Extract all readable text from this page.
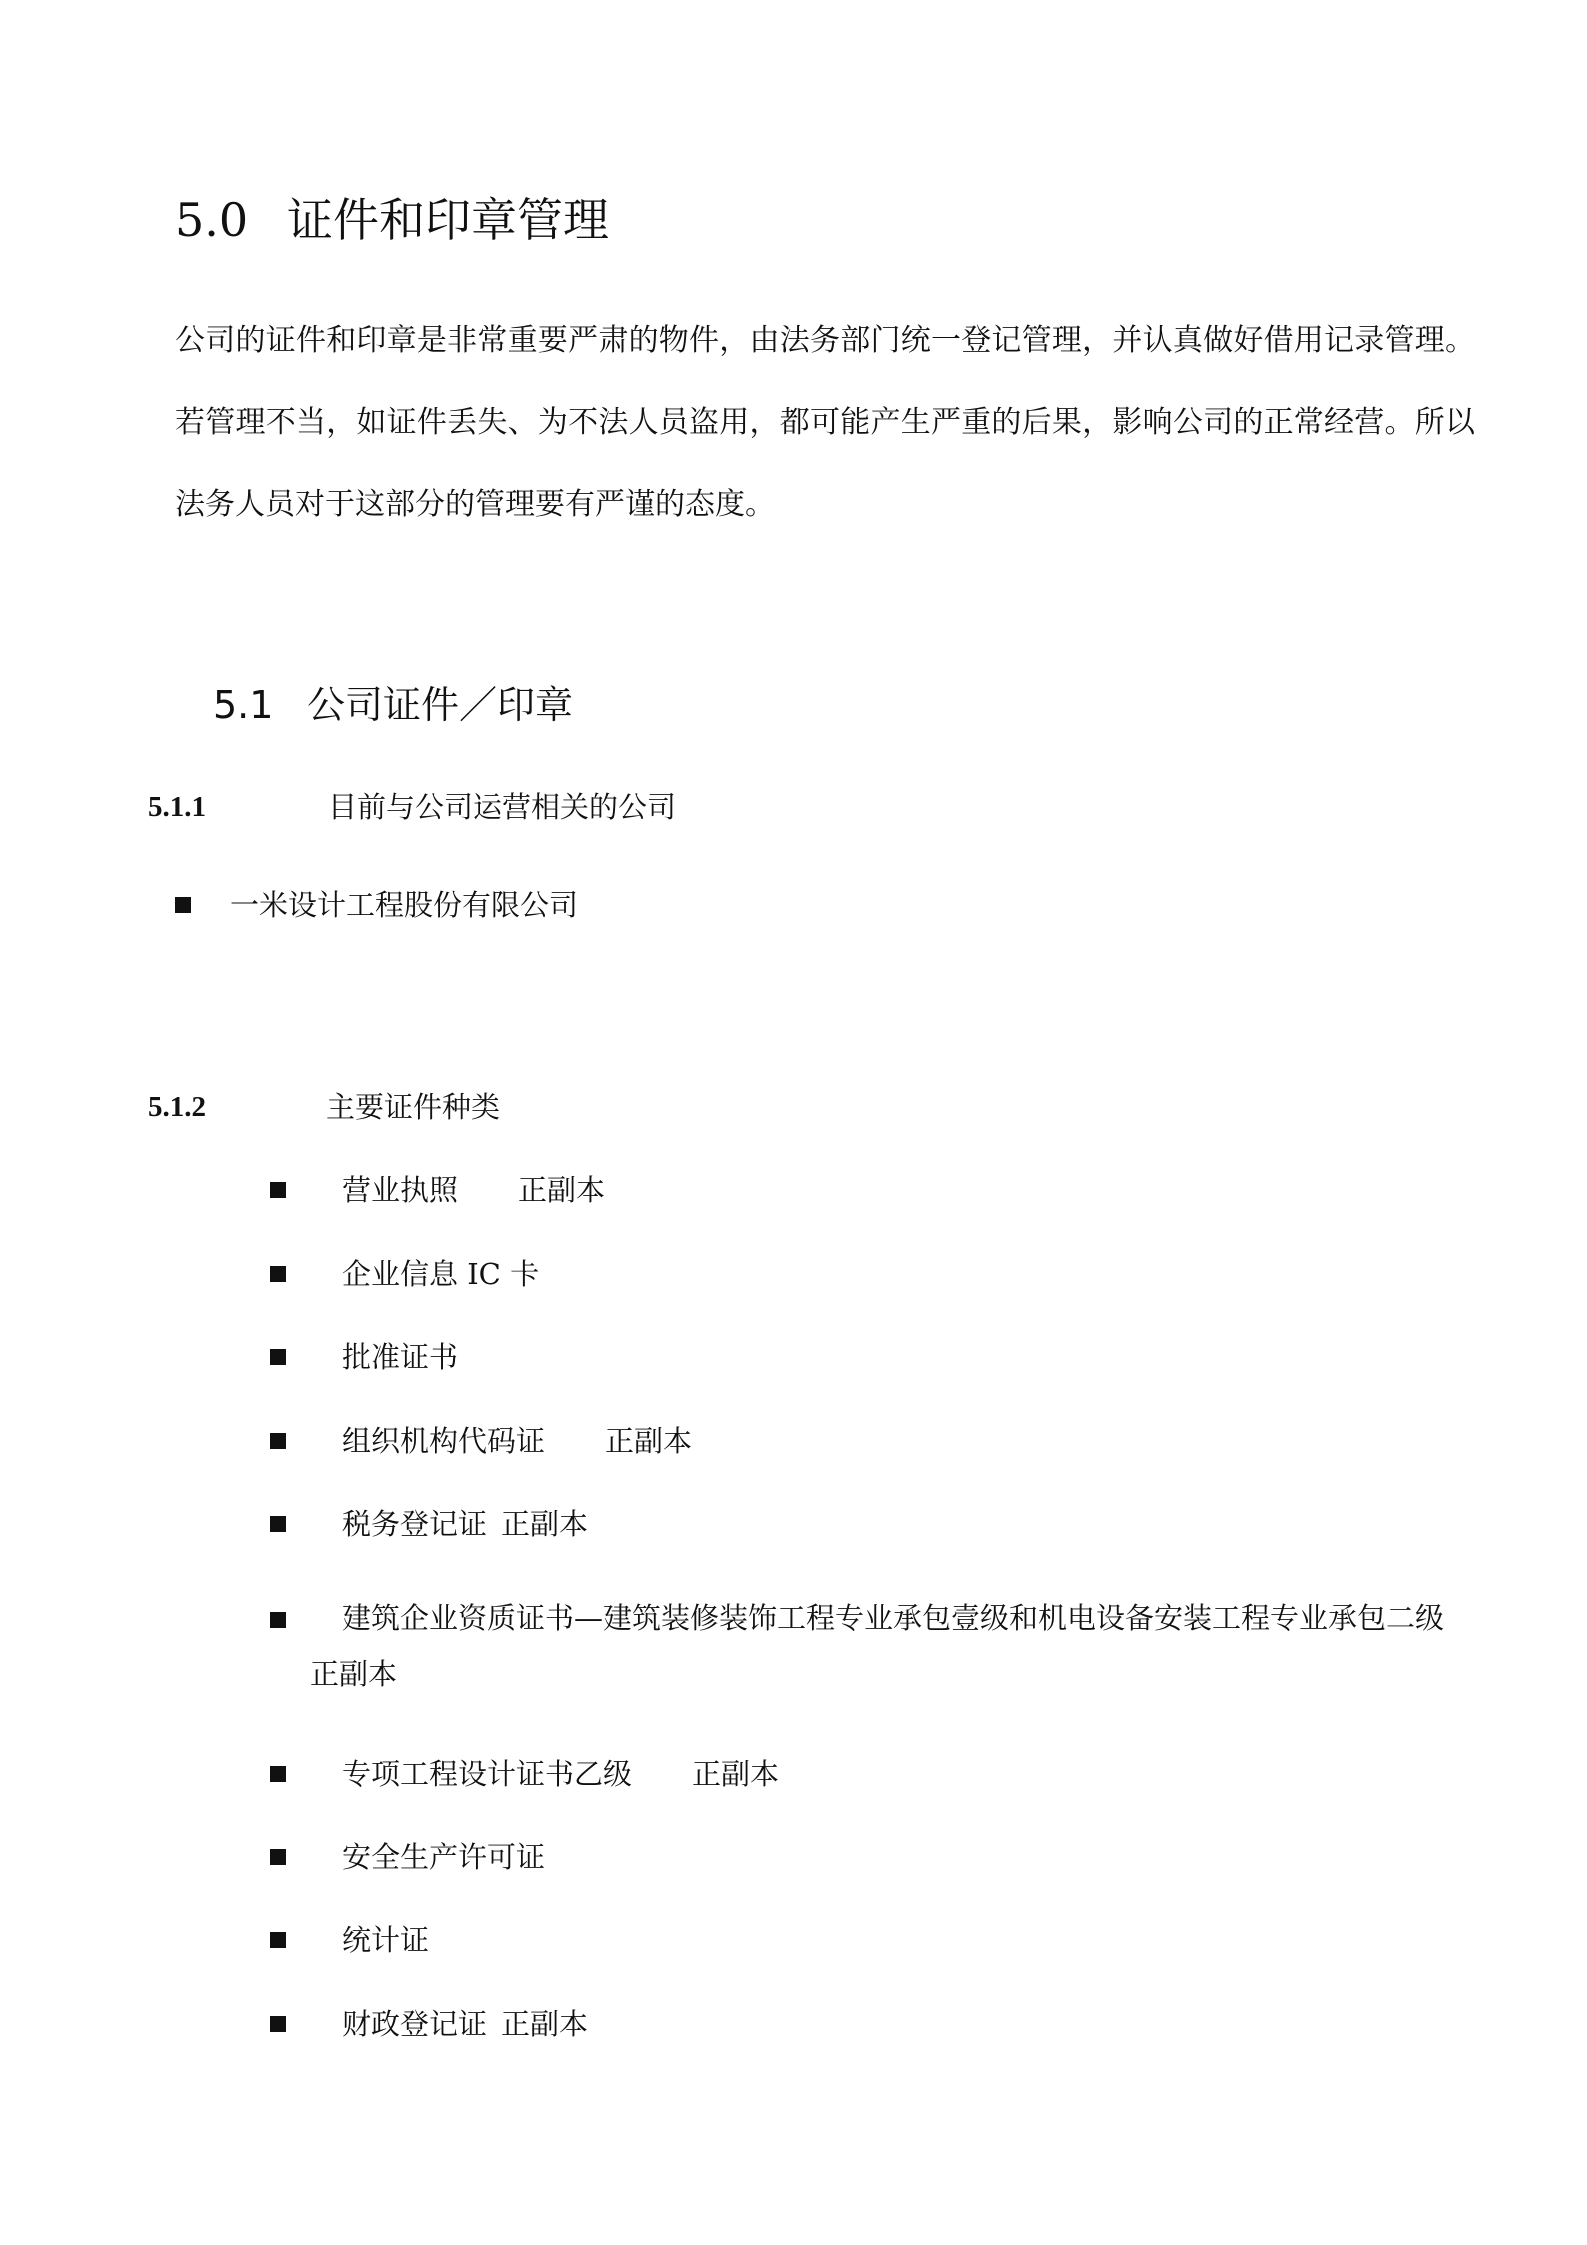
5.0 证件和印章管理
公司的证件和印章是非常重要严肃的物件，由法务部门统一登记管理，并认真做好借用记录管理。若管理不当，如证件丢失、为不法人员盗用，都可能产生严重的后果，影响公司的正常经营。所以法务人员对于这部分的管理要有严谨的态度。
5.1 公司证件／印章
5.1.1	目前与公司运营相关的公司
一米设计工程股份有限公司
5.1.2	主要证件种类
营业执照 正副本
企业信息 IC 卡
批准证书
组织机构代码证 正副本
税务登记证 正副本
建筑企业资质证书—建筑装修装饰工程专业承包壹级和机电设备安装工程专业承包二级正副本
专项工程设计证书乙级 正副本
安全生产许可证
统计证
财政登记证 正副本
